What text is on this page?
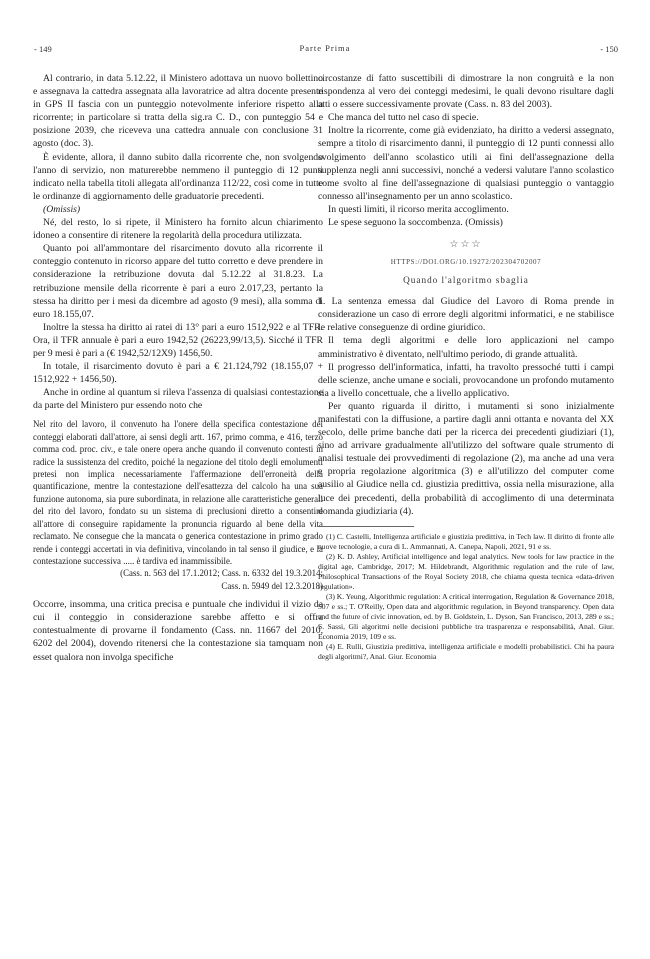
- 149	Parte Prima	- 150

Al contrario, in data 5.12.22, il Ministero adottava un nuovo bollettino e assegnava la cattedra assegnata alla lavoratrice ad altra docente presente in GPS II fascia con un punteggio notevolmente inferiore rispetto alla ricorrente; in particolare si tratta della sig.ra C. D., con punteggio 54 e posizione 2039, che riceveva una cattedra annuale con conclusione 31 agosto (doc. 3).

È evidente, allora, il danno subito dalla ricorrente che, non svolgendo l'anno di servizio, non maturerebbe nemmeno il punteggio di 12 punti indicato nella tabella titoli allegata all'ordinanza 112/22, così come in tutte le ordinanze di aggiornamento delle graduatorie precedenti.

(Omissis)

Né, del resto, lo si ripete, il Ministero ha fornito alcun chiarimento idoneo a consentire di ritenere la regolarità della procedura utilizzata.

Quanto poi all'ammontare del risarcimento dovuto alla ricorrente il conteggio contenuto in ricorso appare del tutto corretto e deve prendere in considerazione la retribuzione dovuta dal 5.12.22 al 31.8.23. La retribuzione mensile della ricorrente è pari a euro 2.017,23, pertanto la stessa ha diritto per i mesi da dicembre ad agosto (9 mesi), alla somma di euro 18.155,07.

Inoltre la stessa ha diritto ai ratei di 13° pari a euro 1512,922 e al TFR. Ora, il TFR annuale è pari a euro 1942,52 (26223,99/13,5). Sicché il TFR per 9 mesi è pari a (€ 1942,52/12X9) 1456,50.

In totale, il risarcimento dovuto è pari a € 21.124,792 (18.155,07 + 1512,922 + 1456,50).

Anche in ordine al quantum si rileva l'assenza di qualsiasi contestazione da parte del Ministero pur essendo noto che

Nel rito del lavoro, il convenuto ha l'onere della specifica contestazione dei conteggi elaborati dall'attore, ai sensi degli artt. 167, primo comma, e 416, terzo comma cod. proc. civ., e tale onere opera anche quando il convenuto contesti in radice la sussistenza del credito, poiché la negazione del titolo degli emolumenti pretesi non implica necessariamente l'affermazione dell'erroneità della quantificazione, mentre la contestazione dell'esattezza del calcolo ha una sua funzione autonoma, sia pure subordinata, in relazione alle caratteristiche generali del rito del lavoro, fondato su un sistema di preclusioni diretto a consentire all'attore di conseguire rapidamente la pronuncia riguardo al bene della vita reclamato. Ne consegue che la mancata o generica contestazione in primo grado rende i conteggi accertati in via definitiva, vincolando in tal senso il giudice, e la contestazione successiva ..... è tardiva ed inammissibile.

(Cass. n. 563 del 17.1.2012; Cass. n. 6332 del 19.3.2014;

Cass. n. 5949 del 12.3.2018)

Occorre, insomma, una critica precisa e puntuale che individui il vizio da cui il conteggio in considerazione sarebbe affetto e si offra contestualmente di provarne il fondamento (Cass. nn. 11667 del 2010, 6202 del 2004), dovendo ritenersi che la contestazione sia tamquam non esset qualora non involga specifiche

circostanze di fatto suscettibili di dimostrare la non congruità e la non rispondenza al vero dei conteggi medesimi, le quali devono risultare dagli atti o essere successivamente provate (Cass. n. 83 del 2003).

Che manca del tutto nel caso di specie.

Inoltre la ricorrente, come già evidenziato, ha diritto a vedersi assegnato, sempre a titolo di risarcimento danni, il punteggio di 12 punti connessi allo svolgimento dell'anno scolastico utili ai fini dell'assegnazione della supplenza negli anni successivi, nonché a vedersi valutare l'anno scolastico come svolto al fine dell'assegnazione di qualsiasi punteggio o vantaggio connesso all'insegnamento per un anno scolastico.

In questi limiti, il ricorso merita accoglimento.

Le spese seguono la soccombenza. (Omissis)

☆☆☆
HTTPS://DOI.ORG/10.19272/202304702007
Quando l'algoritmo sbaglia

1. La sentenza emessa dal Giudice del Lavoro di Roma prende in considerazione un caso di errore degli algoritmi informatici, e ne stabilisce le relative conseguenze di ordine giuridico.

Il tema degli algoritmi e delle loro applicazioni nel campo amministrativo è diventato, nell'ultimo periodo, di grande attualità.

Il progresso dell'informatica, infatti, ha travolto pressoché tutti i campi delle scienze, anche umane e sociali, provocandone un profondo mutamento sia a livello concettuale, che a livello applicativo.

Per quanto riguarda il diritto, i mutamenti si sono inizialmente manifestati con la diffusione, a partire dagli anni ottanta e novanta del XX secolo, delle prime banche dati per la ricerca dei precedenti giudiziari (1), sino ad arrivare gradualmente all'utilizzo del software quale strumento di analisi testuale dei provvedimenti di regolazione (2), ma anche ad una vera e propria regolazione algoritmica (3) e all'utilizzo del computer come ausilio al Giudice nella cd. giustizia predittiva, ossia nella misurazione, alla luce dei precedenti, della probabilità di accoglimento di una determinata domanda giudiziaria (4).

(1) C. Castelli, Intelligenza artificiale e giustizia predittiva, in Tech law. Il diritto di fronte alle nuove tecnologie, a cura di L. Ammannati, A. Canepa, Napoli, 2021, 91 e ss.

(2) K. D. Ashley, Artificial intelligence and legal analytics. New tools for law practice in the digital age, Cambridge, 2017; M. Hildebrandt, Algorithmic regulation and the rule of law, Philosophical Transactions of the Royal Society 2018, che chiama questa tecnica «data-driven regulation».

(3) K. Yeung, Algorithmic regulation: A critical interrogation, Regulation & Governance 2018, 507 e ss.; T. O'Reilly, Open data and algorithmic regulation, in Beyond transparency. Open data and the future of civic innovation, ed. by B. Goldstein, L. Dyson, San Francisco, 2013, 289 e ss.; S. Sassi, Gli algoritmi nelle decisioni pubbliche tra trasparenza e responsabilità, Anal. Giur. Economia 2019, 109 e ss.

(4) E. Rulli, Giustizia predittiva, intelligenza artificiale e modelli probabilistici. Chi ha paura degli algoritmi?, Anal. Giur. Economia
